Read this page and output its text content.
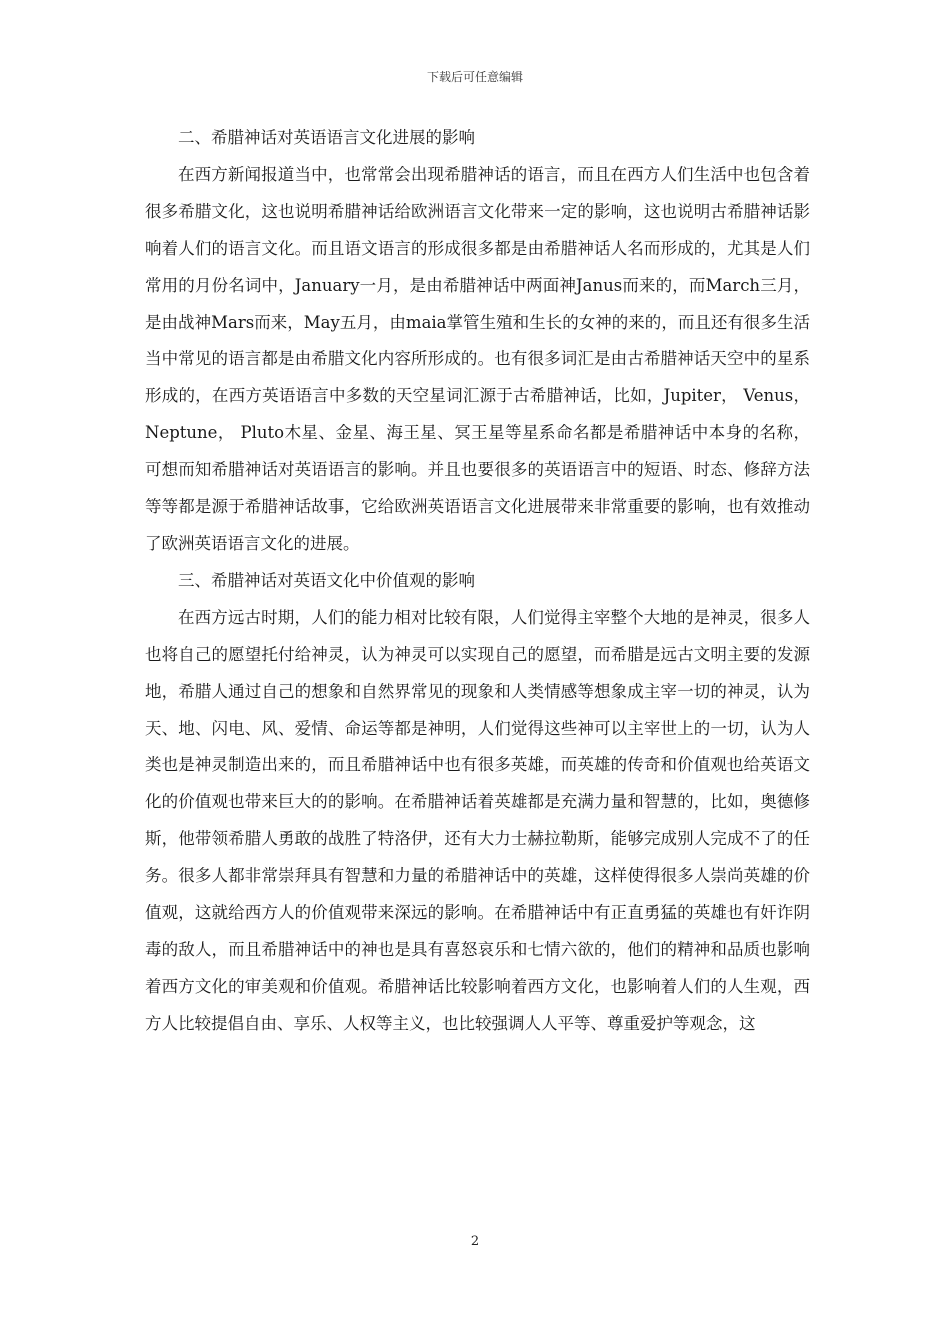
下载后可任意编辑

二、希腊神话对英语语言文化进展的影响

在西方新闻报道当中，也常常会出现希腊神话的语言，而且在西方人们生活中也包含着很多希腊文化，这也说明希腊神话给欧洲语言文化带来一定的影响，这也说明古希腊神话影响着人们的语言文化。而且语文语言的形成很多都是由希腊神话人名而形成的，尤其是人们常用的月份名词中，January一月，是由希腊神话中两面神Janus而来的，而March三月，是由战神Mars而来，May五月，由maia掌管生殖和生长的女神的来的，而且还有很多生活当中常见的语言都是由希腊文化内容所形成的。也有很多词汇是由古希腊神话天空中的星系形成的，在西方英语语言中多数的天空星词汇源于古希腊神话，比如，Jupiter， Venus， Neptune， Pluto木星、金星、海王星、冥王星等星系命名都是希腊神话中本身的名称，可想而知希腊神话对英语语言的影响。并且也要很多的英语语言中的短语、时态、修辞方法等等都是源于希腊神话故事，它给欧洲英语语言文化进展带来非常重要的影响，也有效推动了欧洲英语语言文化的进展。

三、希腊神话对英语文化中价值观的影响

在西方远古时期，人们的能力相对比较有限，人们觉得主宰整个大地的是神灵，很多人也将自己的愿望托付给神灵，认为神灵可以实现自己的愿望，而希腊是远古文明主要的发源地，希腊人通过自己的想象和自然界常见的现象和人类情感等想象成主宰一切的神灵，认为天、地、闪电、风、爱情、命运等都是神明，人们觉得这些神可以主宰世上的一切，认为人类也是神灵制造出来的，而且希腊神话中也有很多英雄，而英雄的传奇和价值观也给英语文化的价值观也带来巨大的的影响。在希腊神话着英雄都是充满力量和智慧的，比如，奥德修斯，他带领希腊人勇敢的战胜了特洛伊，还有大力士赫拉勒斯，能够完成别人完成不了的任务。很多人都非常崇拜具有智慧和力量的希腊神话中的英雄，这样使得很多人崇尚英雄的价值观，这就给西方人的价值观带来深远的影响。在希腊神话中有正直勇猛的英雄也有奸诈阴毒的敌人，而且希腊神话中的神也是具有喜怒哀乐和七情六欲的，他们的精神和品质也影响着西方文化的审美观和价值观。希腊神话比较影响着西方文化，也影响着人们的人生观，西方人比较提倡自由、享乐、人权等主义，也比较强调人人平等、尊重爱护等观念，这

2
